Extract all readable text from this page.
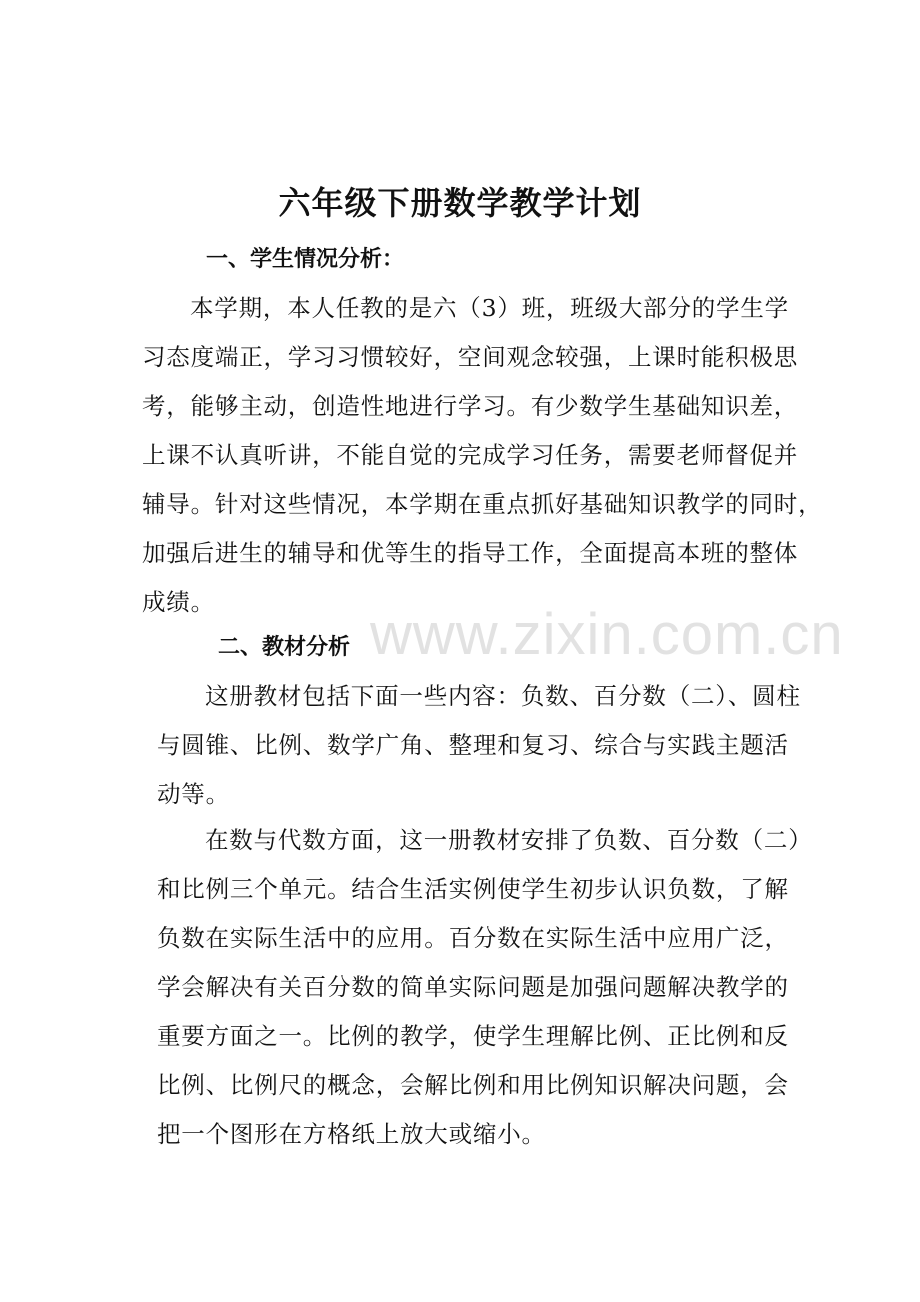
www.zixin.com.cn
六年级下册数学教学计划
一、学生情况分析：
本学期，本人任教的是六（3）班，班级大部分的学生学
习态度端正，学习习惯较好，空间观念较强，上课时能积极思
考，能够主动，创造性地进行学习。有少数学生基础知识差，
上课不认真听讲，不能自觉的完成学习任务，需要老师督促并
辅导。针对这些情况，本学期在重点抓好基础知识教学的同时，
加强后进生的辅导和优等生的指导工作，全面提高本班的整体
成绩。
二、教材分析
这册教材包括下面一些内容：负数、百分数（二）、圆柱
与圆锥、比例、数学广角、整理和复习、综合与实践主题活
动等。
在数与代数方面，这一册教材安排了负数、百分数（二）
和比例三个单元。结合生活实例使学生初步认识负数，了解
负数在实际生活中的应用。百分数在实际生活中应用广泛，
学会解决有关百分数的简单实际问题是加强问题解决教学的
重要方面之一。比例的教学，使学生理解比例、正比例和反
比例、比例尺的概念，会解比例和用比例知识解决问题，会
把一个图形在方格纸上放大或缩小。
